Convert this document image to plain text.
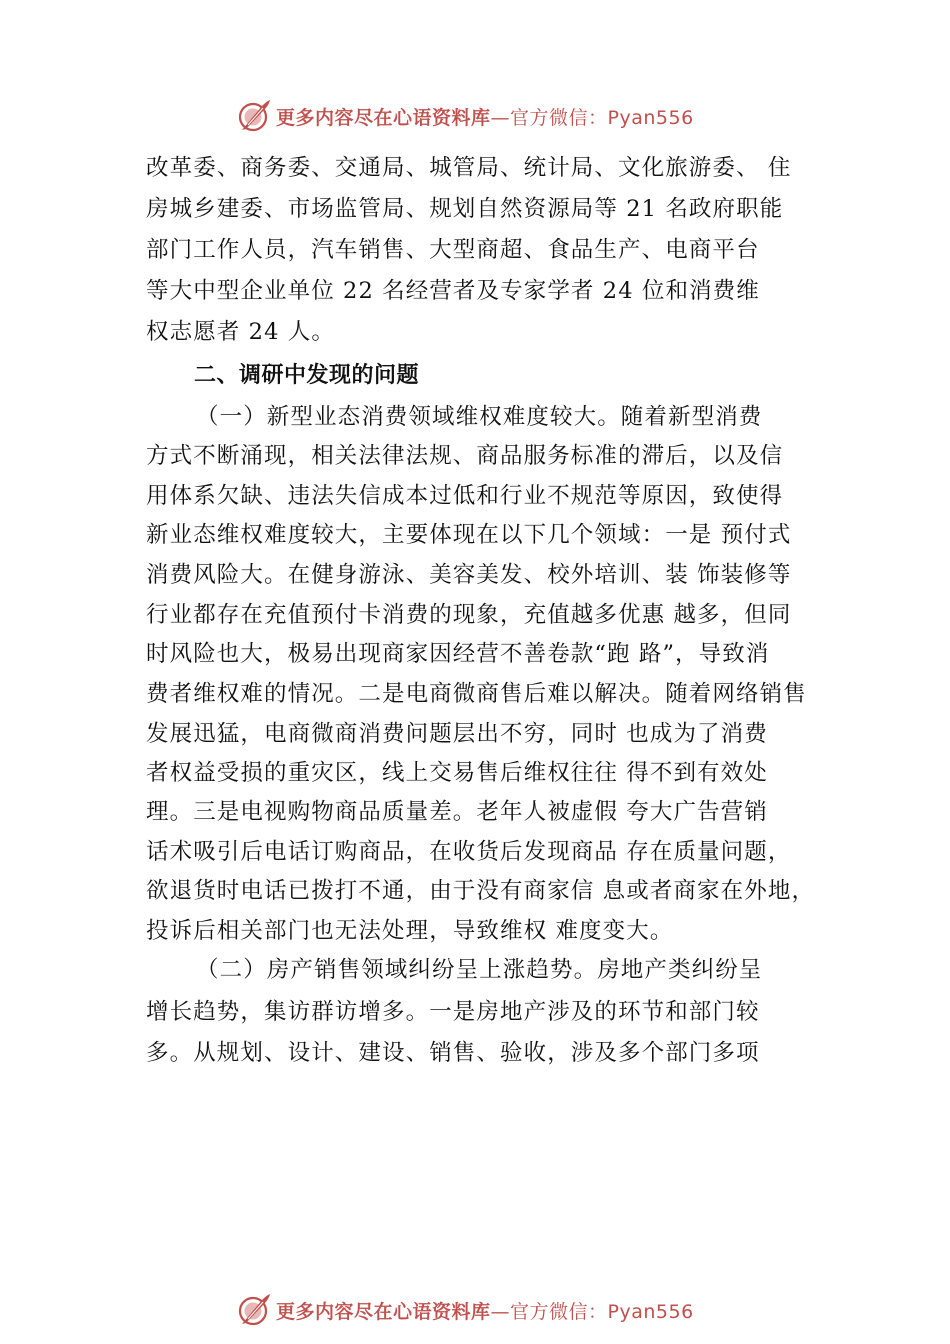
更多内容尽在心语资料库 —官方微信：Pyan556
改革委、商务委、交通局、城管局、统计局、文化旅游委、 住
房城乡建委、市场监管局、规划自然资源局等 21 名政府职能
部门工作人员，汽车销售、大型商超、食品生产、电商平台
等大中型企业单位 22 名经营者及专家学者 24 位和消费维
权志愿者 24 人。
二、调研中发现的问题
（一）新型业态消费领域维权难度较大。随着新型消费
方式不断涌现，相关法律法规、商品服务标准的滞后，以及信
用体系欠缺、违法失信成本过低和行业不规范等原因，致使得
新业态维权难度较大，主要体现在以下几个领域：一是 预付式
消费风险大。在健身游泳、美容美发、校外培训、装 饰装修等
行业都存在充值预付卡消费的现象，充值越多优惠 越多，但同
时风险也大，极易出现商家因经营不善卷款“跑 路”，导致消
费者维权难的情况。二是电商微商售后难以解决。随着网络销售
发展迅猛，电商微商消费问题层出不穷，同时 也成为了消费
者权益受损的重灾区，线上交易售后维权往往 得不到有效处
理。三是电视购物商品质量差。老年人被虚假 夸大广告营销
话术吸引后电话订购商品，在收货后发现商品 存在质量问题，
欲退货时电话已拨打不通，由于没有商家信 息或者商家在外地，
投诉后相关部门也无法处理，导致维权 难度变大。
（二）房产销售领域纠纷呈上涨趋势。房地产类纠纷呈
增长趋势，集访群访增多。一是房地产涉及的环节和部门较
多。从规划、设计、建设、销售、验收，涉及多个部门多项
更多内容尽在心语资料库 —官方微信：Pyan556
